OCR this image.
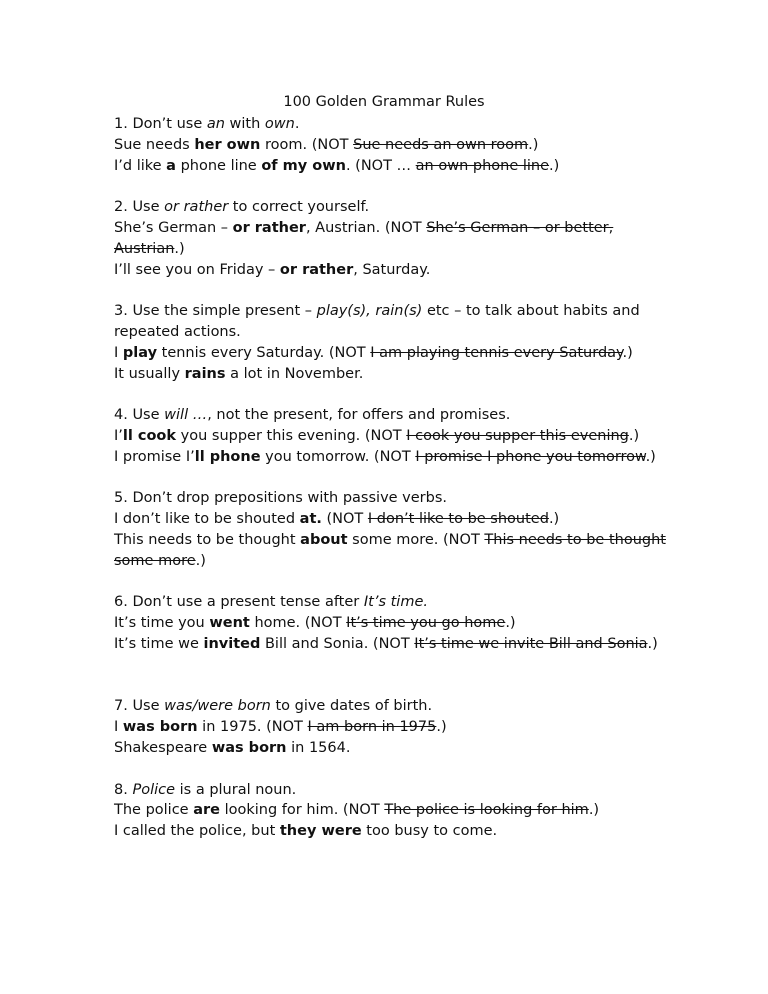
100 Golden Grammar Rules
1. Don’t use an with own.
Sue needs her own room. (NOT Sue needs an own room.)
I’d like a phone line of my own. (NOT … an own phone line.)
2. Use or rather to correct yourself.
She’s German – or rather, Austrian. (NOT She’s German – or better,
Austrian.)
I’ll see you on Friday – or rather, Saturday.
3. Use the simple present – play(s), rain(s) etc – to talk about habits and
repeated actions.
I play tennis every Saturday. (NOT I am playing tennis every Saturday.)
It usually rains a lot in November.
4. Use will …, not the present, for offers and promises.
I’ll cook you supper this evening. (NOT I cook you supper this evening.)
I promise I’ll phone you tomorrow. (NOT I promise I phone you tomorrow.)
5. Don’t drop prepositions with passive verbs.
I don’t like to be shouted at. (NOT I don’t like to be shouted.)
This needs to be thought about some more. (NOT This needs to be thought
some more.)
6. Don’t use a present tense after It’s time.
It’s time you went home. (NOT It’s time you go home.)
It’s time we invited Bill and Sonia. (NOT It’s time we invite Bill and Sonia.)
7. Use was/were born to give dates of birth.
I was born in 1975. (NOT I am born in 1975.)
Shakespeare was born in 1564.
8. Police is a plural noun.
The police are looking for him. (NOT The police is looking for him.)
I called the police, but they were too busy to come.
